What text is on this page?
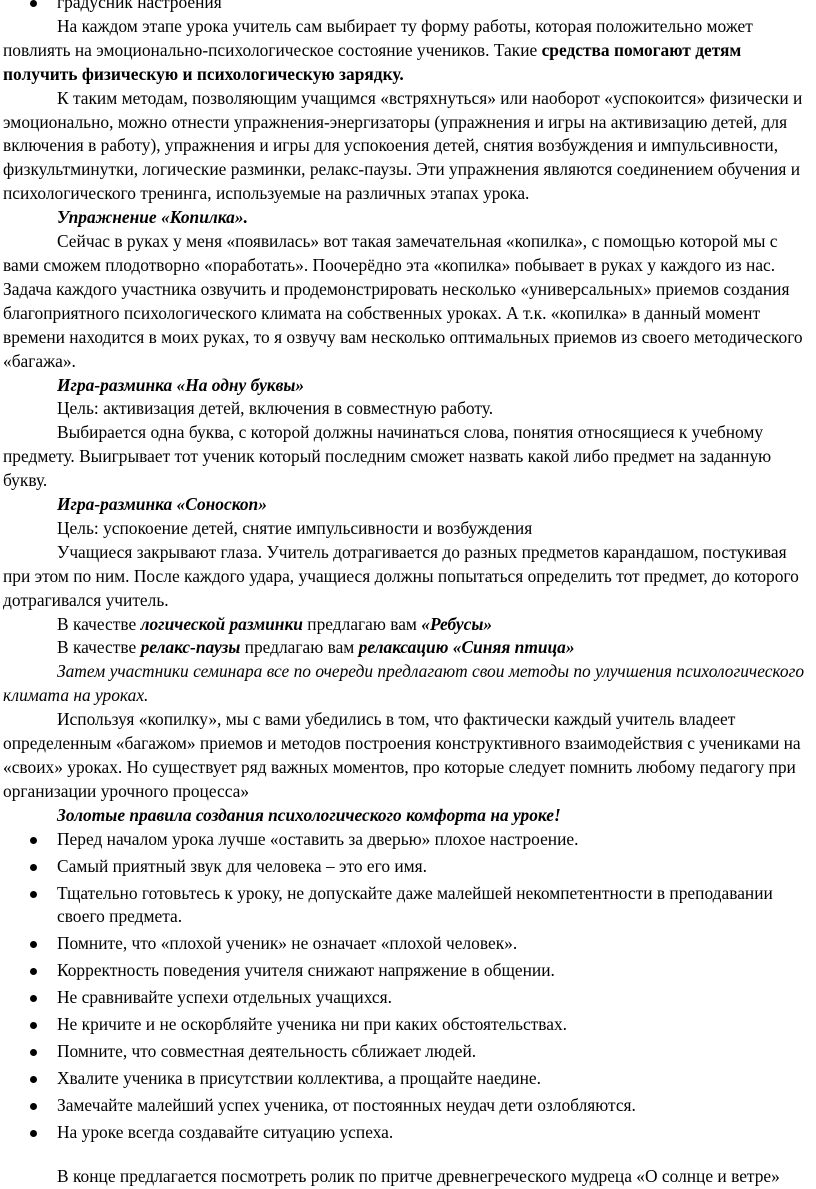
градусник настроения

На каждом этапе урока учитель сам выбирает ту форму работы, которая положительно может повлиять на эмоционально-психологическое состояние учеников. Такие средства помогают детям получить физическую и психологическую зарядку.

К таким методам, позволяющим учащимся «встряхнуться» или наоборот «успокоится» физически и эмоционально, можно отнести упражнения-энергизаторы (упражнения и игры на активизацию детей, для включения в работу), упражнения и игры для успокоения детей, снятия возбуждения и импульсивности, физкультминутки, логические разминки, релакс-паузы. Эти упражнения являются соединением обучения и психологического тренинга, используемые на различных этапах урока.

Упражнение «Копилка».

Сейчас в руках у меня «появилась» вот такая замечательная «копилка», с помощью которой мы с вами сможем плодотворно «поработать». Поочерёдно эта «копилка» побывает в руках у каждого из нас. Задача каждого участника озвучить и продемонстрировать несколько «универсальных» приемов создания благоприятного психологического климата на собственных уроках. А т.к. «копилка» в данный момент времени находится в моих руках, то я озвучу вам несколько оптимальных приемов из своего методического «багажа».

Игра-разминка «На одну буквы»

Цель: активизация детей, включения в совместную работу.

Выбирается одна буква, с которой должны начинаться слова, понятия относящиеся к учебному предмету. Выигрывает тот ученик который последним сможет назвать какой либо предмет на заданную букву.

Игра-разминка «Соноскоп»

Цель: успокоение детей, снятие импульсивности и возбуждения

Учащиеся закрывают глаза. Учитель дотрагивается до разных предметов карандашом, постукивая при этом по ним. После каждого удара, учащиеся должны попытаться определить тот предмет, до которого дотрагивался учитель.

В качестве логической разминки предлагаю вам «Ребусы»

В качестве релакс-паузы предлагаю вам релаксацию «Синяя птица»

Затем участники семинара все по очереди предлагают свои методы по улучшения психологического климата на уроках.

Используя «копилку», мы с вами убедились в том, что фактически каждый учитель владеет определенным «багажом» приемов и методов построения конструктивного взаимодействия с учениками на «своих» уроках. Но существует ряд важных моментов, про которые следует помнить любому педагогу при организации урочного процесса»

Золотые правила создания психологического комфорта на уроке!

Перед началом урока лучше «оставить за дверью» плохое настроение.
Самый приятный звук для человека – это его имя.
Тщательно готовьтесь к уроку, не допускайте даже малейшей некомпетентности в преподавании своего предмета.
Помните, что «плохой ученик» не означает «плохой человек».
Корректность поведения учителя снижают напряжение в общении.
Не сравнивайте успехи отдельных учащихся.
Не кричите и не оскорбляйте ученика ни при каких обстоятельствах.
Помните, что совместная деятельность сближает людей.
Хвалите ученика в присутствии коллектива, а прощайте наедине.
Замечайте малейший успех ученика, от постоянных неудач дети озлобляются.
На уроке всегда создавайте ситуацию успеха.

В конце предлагается посмотреть ролик по притче древнегреческого мудреца «О солнце и ветре»
